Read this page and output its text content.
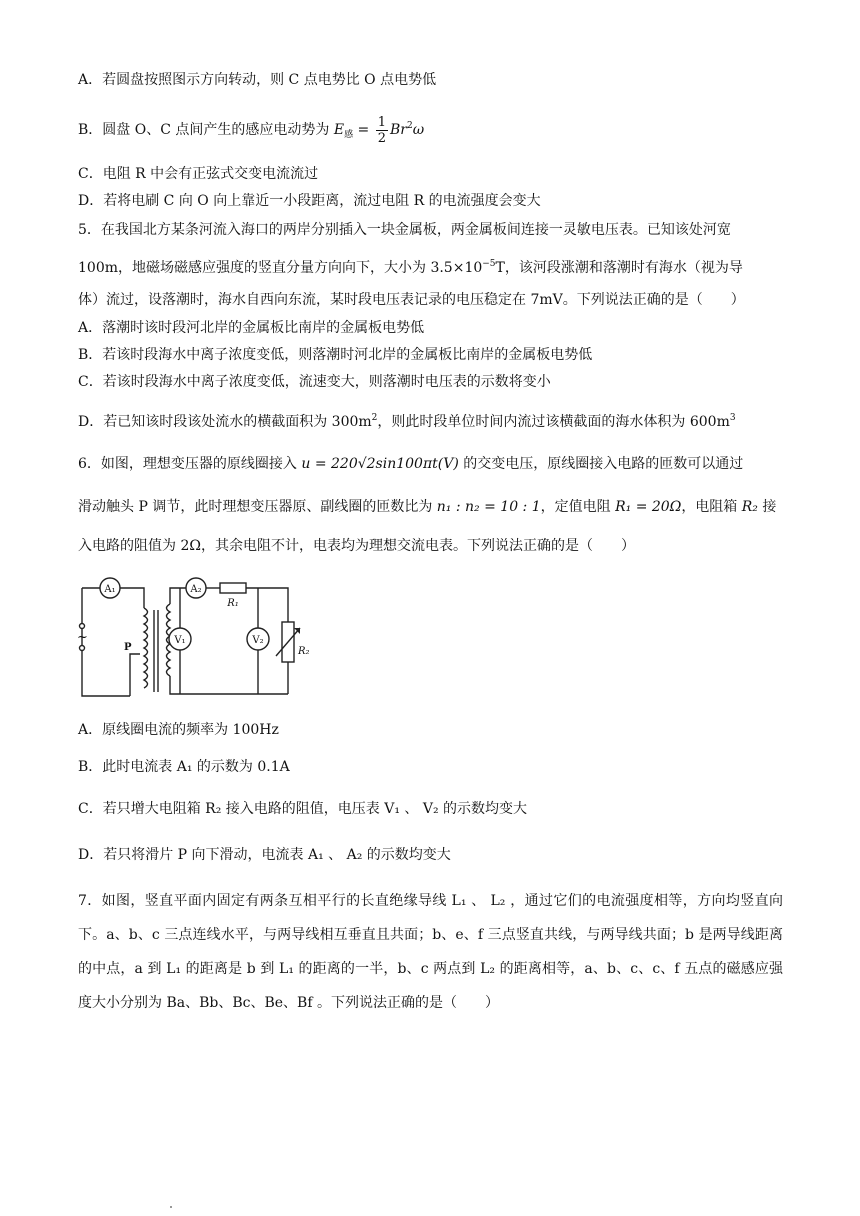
A．若圆盘按照图示方向转动，则 C 点电势比 O 点电势低
B．圆盘 O、C 点间产生的感应电动势为 $E_感 = \frac{1}{2} Br^2\omega$
C．电阻 R 中会有正弦式交变电流流过
D．若将电刷 C 向 O 向上靠近一小段距离，流过电阻 R 的电流强度会变大
5．在我国北方某条河流入海口的两岸分别插入一块金属板，两金属板间连接一灵敏电压表。已知该处河宽
100m，地磁场磁感应强度的竖直分量方向向下，大小为 $3.5\times 10^{-5}T$，该河段涨潮和落潮时有海水（视为导
体）流过，设落潮时，海水自西向东流，某时段电压表记录的电压稳定在 7mV。下列说法正确的是（　　）
A．落潮时该时段河北岸的金属板比南岸的金属板电势低
B．若该时段海水中离子浓度变低，则落潮时河北岸的金属板比南岸的金属板电势低
C．若该时段海水中离子浓度变低，流速变大，则落潮时电压表的示数将变小
D．若已知该时段该处流水的横截面积为 $300m^2$，则此时段单位时间内流过该横截面的海水体积为 $600m^3$
6．如图，理想变压器的原线圈接入 u = 220√2sin100πt(V) 的交变电压，原线圈接入电路的匝数可以通过
滑动触头 P 调节，此时理想变压器原、副线圈的匝数比为 n₁ : n₂ = 10 : 1，定值电阻 R₁ = 20Ω，电阻箱 R₂ 接
入电路的阻值为 2Ω，其余电阻不计，电表均为理想交流电表。下列说法正确的是（　　）
A₁	A₂
V₁	V₂
R₁
R₂
P
~
A．原线圈电流的频率为 100Hz
B．此时电流表 A₁ 的示数为 0.1A
C．若只增大电阻箱 R₂ 接入电路的阻值，电压表 V₁ 、 V₂ 的示数均变大
D．若只将滑片 P 向下滑动，电流表 A₁ 、 A₂ 的示数均变大
7．如图，竖直平面内固定有两条互相平行的长直绝缘导线 L₁ 、 L₂ ，通过它们的电流强度相等，方向均竖直向下。a、b、c 三点连线水平，与两导线相互垂直且共面；b、e、f 三点竖直共线，与两导线共面；b 是两导线距离的中点，a 到 L₁ 的距离是 b 到 L₁ 的距离的一半，b、c 两点到 L₂ 的距离相等，a、b、c、c、f 五点的磁感应强度大小分别为 Ba、Bb、Bc、Be、Bf 。下列说法正确的是（　　）
